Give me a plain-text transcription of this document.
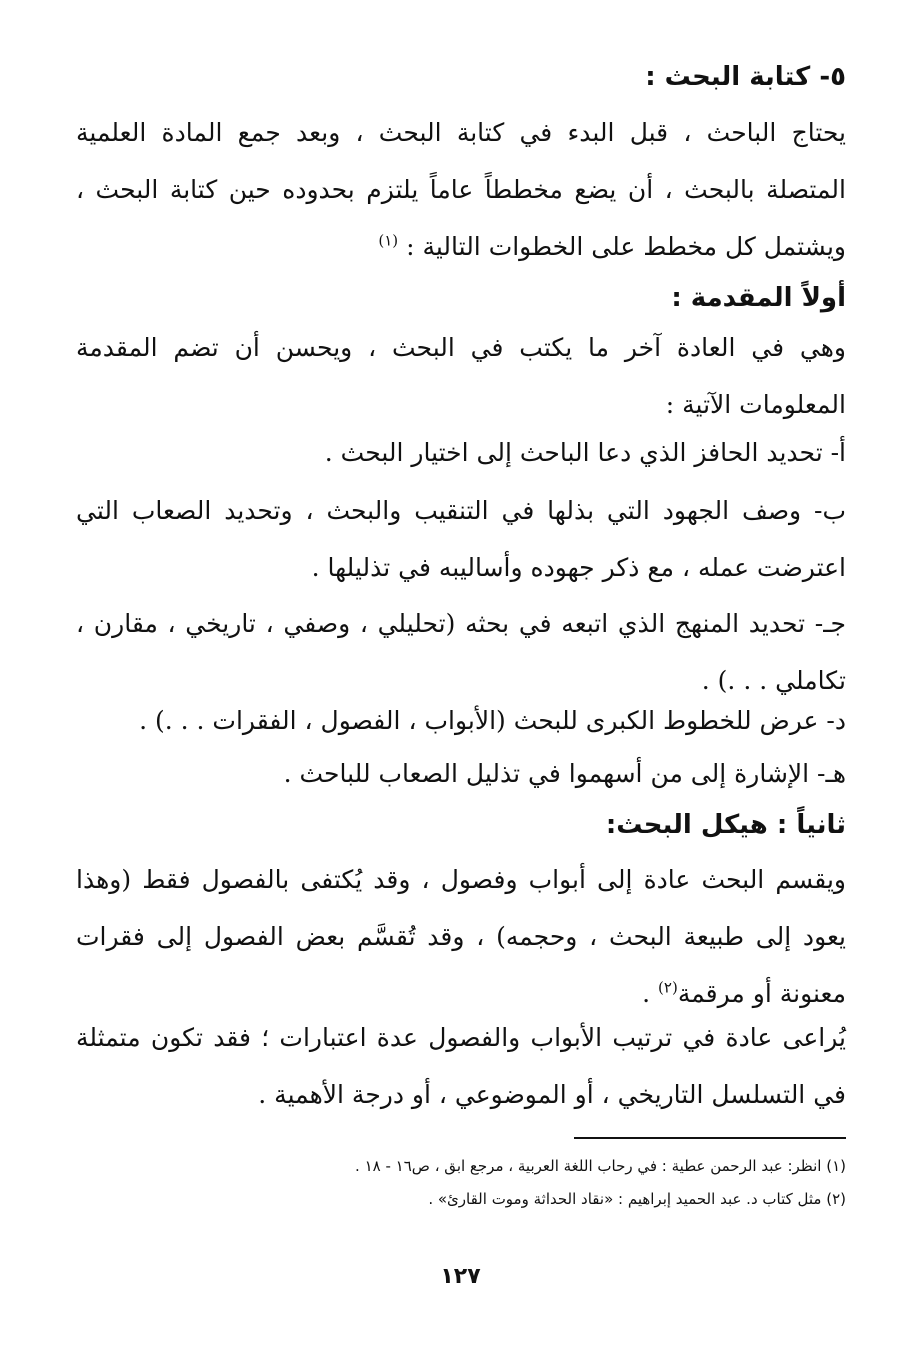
٥- كتابة البحث :
يحتاج الباحث ، قبل البدء في كتابة البحث ، وبعد جمع المادة العلمية المتصلة بالبحث ، أن يضع مخططاً عاماً يلتزم بحدوده حين كتابة البحث ، ويشتمل كل مخطط على الخطوات التالية : $^{(١)}$
أولاً المقدمة :
وهي في العادة آخر ما يكتب في البحث ، ويحسن أن تضم المقدمة المعلومات الآتية :
أ- تحديد الحافز الذي دعا الباحث إلى اختيار البحث .
ب- وصف الجهود التي بذلها في التنقيب والبحث ، وتحديد الصعاب التي اعترضت عمله ، مع ذكر جهوده وأساليبه في تذليلها .
جـ- تحديد المنهج الذي اتبعه في بحثه (تحليلي ، وصفي ، تاريخي ، مقارن ، تكاملي . . .) .
د- عرض للخطوط الكبرى للبحث (الأبواب ، الفصول ، الفقرات . . .) .
هـ- الإشارة إلى من أسهموا في تذليل الصعاب للباحث .
ثانياً : هيكل البحث:
ويقسم البحث عادة إلى أبواب وفصول ، وقد يُكتفى بالفصول فقط (وهذا يعود إلى طبيعة البحث ، وحجمه) ، وقد تُقسَّم بعض الفصول إلى فقرات معنونة أو مرقمة$^{(٢)}$ .
يُراعى عادة في ترتيب الأبواب والفصول عدة اعتبارات ؛ فقد تكون متمثلة في التسلسل التاريخي ، أو الموضوعي ، أو درجة الأهمية .
(١) انظر: عبد الرحمن عطية : في رحاب اللغة العربية ، مرجع ابق ، ص١٦ - ١٨ .
(٢) مثل كتاب د. عبد الحميد إبراهيم : «نقاد الحداثة وموت القارئ» .
١٢٧
